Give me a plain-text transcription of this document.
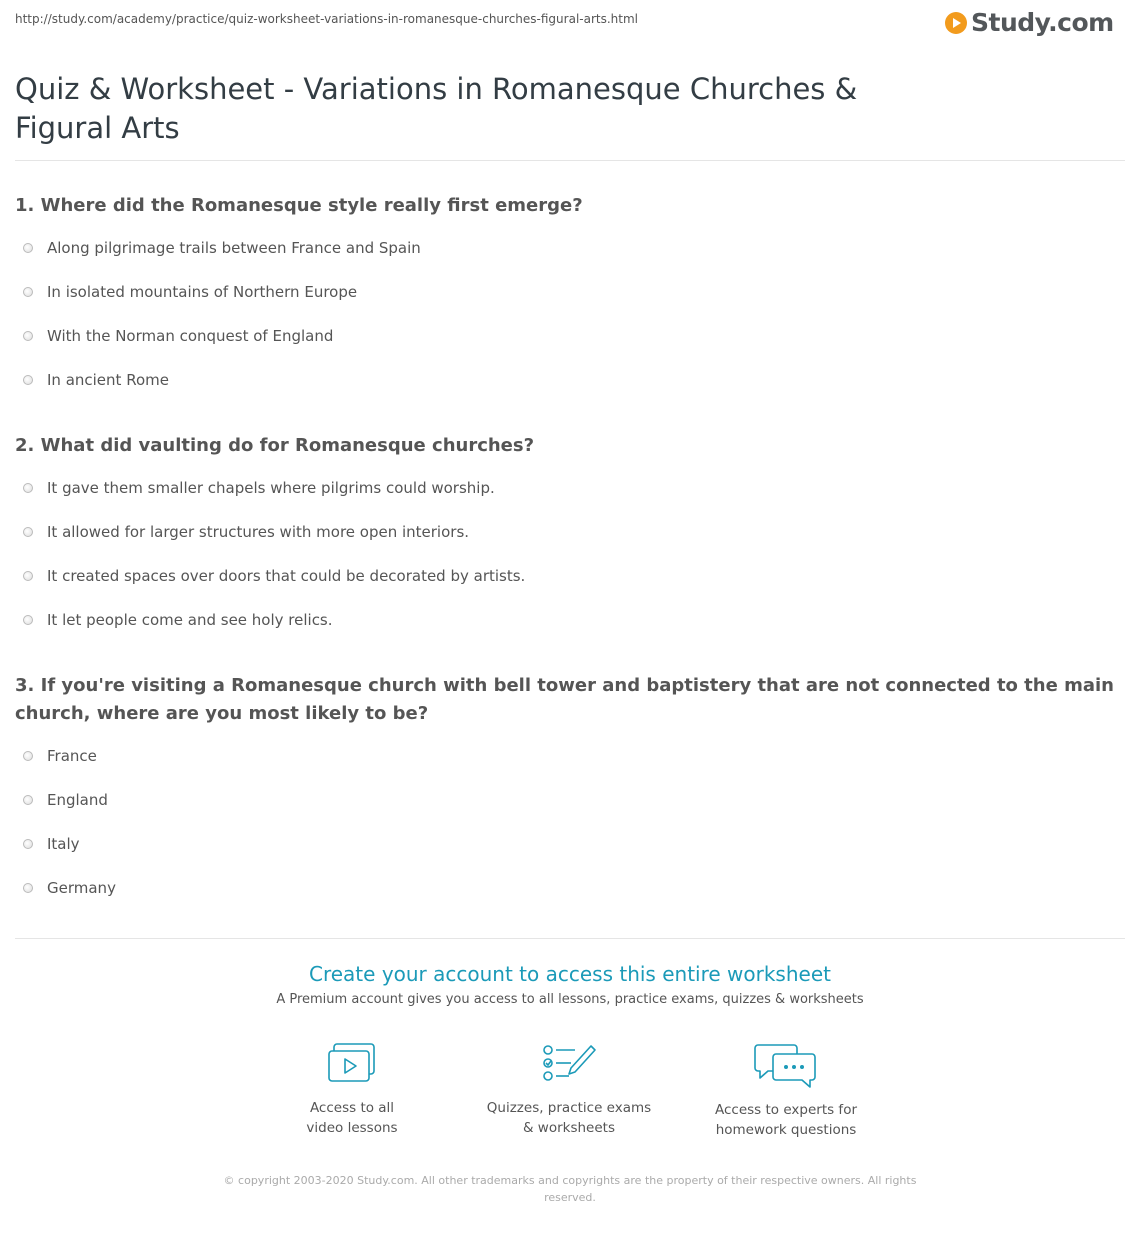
http://study.com/academy/practice/quiz-worksheet-variations-in-romanesque-churches-figural-arts.html	Study.com
Quiz & Worksheet - Variations in Romanesque Churches & Figural Arts
1. Where did the Romanesque style really first emerge?
Along pilgrimage trails between France and Spain
In isolated mountains of Northern Europe
With the Norman conquest of England
In ancient Rome
2. What did vaulting do for Romanesque churches?
It gave them smaller chapels where pilgrims could worship.
It allowed for larger structures with more open interiors.
It created spaces over doors that could be decorated by artists.
It let people come and see holy relics.
3. If you're visiting a Romanesque church with bell tower and baptistery that are not connected to the main church, where are you most likely to be?
France
England
Italy
Germany
Create your account to access this entire worksheet
A Premium account gives you access to all lessons, practice exams, quizzes & worksheets
Access to all
video lessons
Quizzes, practice exams
& worksheets
Access to experts for
homework questions
© copyright 2003-2020 Study.com. All other trademarks and copyrights are the property of their respective owners. All rights reserved.
